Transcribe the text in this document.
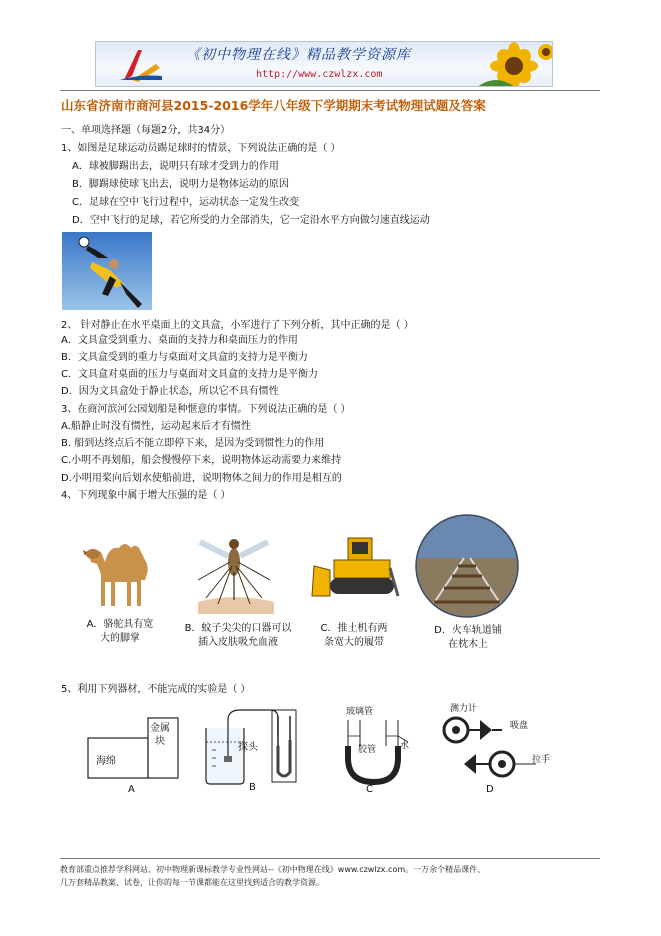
《初中物理在线》精品教学资源库
http://www.czwlzx.com
山东省济南市商河县2015-2016学年八年级下学期期末考试物理试题及答案
一、单项选择题（每题2分，共34分）
1、如图是足球运动员踢足球时的情景，下列说法正确的是（ ）
A．球被脚踢出去，说明只有球才受到力的作用
B．脚踢球使球飞出去，说明力是物体运动的原因
C．足球在空中飞行过程中，运动状态一定发生改变
D．空中飞行的足球，若它所受的力全部消失，它一定沿水平方向做匀速直线运动
2、 针对静止在水平桌面上的文具盒，小军进行了下列分析，其中正确的是（ ）
A．文具盒受到重力、桌面的支持力和桌面压力的作用
B．文具盒受到的重力与桌面对文具盒的支持力是平衡力
C．文具盒对桌面的压力与桌面对文具盒的支持力是平衡力
D．因为文具盒处于静止状态，所以它不具有惯性
3、在商河滨河公园划船是种惬意的事情。下列说法正确的是（ ）
A.船静止时没有惯性，运动起来后才有惯性
B. 船到达终点后不能立即停下来，是因为受到惯性力的作用
C.小明不再划船，船会慢慢停下来，说明物体运动需要力来维持
D.小明用桨向后划水使船前进，说明物体之间力的作用是相互的
4、下列现象中属于增大压强的是（ ）
A．骆驼具有宽
大的脚掌
B．蚊子尖尖的口器可以
插入皮肤吸允血液
C．推土机有两
条宽大的履带
D．火车轨道铺
在枕木上
5、利用下列器材，不能完成的实验是（ ）
海绵
金属块
探头
玻璃管
胶管	水
测力计
吸盘
拉手
A	B	C	D
教育部重点推荐学科网站、初中物理新课标教学专业性网站--《初中物理在线》www.czwlzx.com。一万余个精品课件、
几万套精品教案、试卷，让你的每一节课都能在这里找到适合的教学资源。
